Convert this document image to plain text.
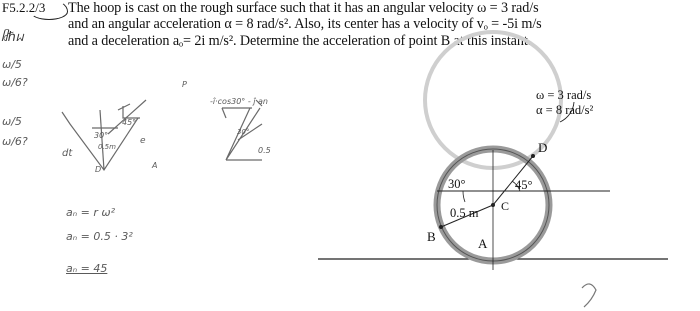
F5.2.2/3 The hoop is cast on the rough surface such that it has an angular velocity ω = 3 rad/s
and an angular acceleration α = 8 rad/s². Also, its center has a velocity of vₒ = -5i m/s
and a deceleration aₒ= 2i m/s². Determine the acceleration of point B at this instant.
ᥤℏᥕ
ω/5
ω/6?
ω/5
ω/6?
45°
30°
0.5m
e
A
D
P
dt
-î·cos30° - ĵ an
0.5
30°
aₙ = r ω²
aₙ = 0.5 · 3²
aₙ = 45
ω = 3 rad/s
α = 8 rad/s²
D
B	A
C
30°	45°
0.5 m
